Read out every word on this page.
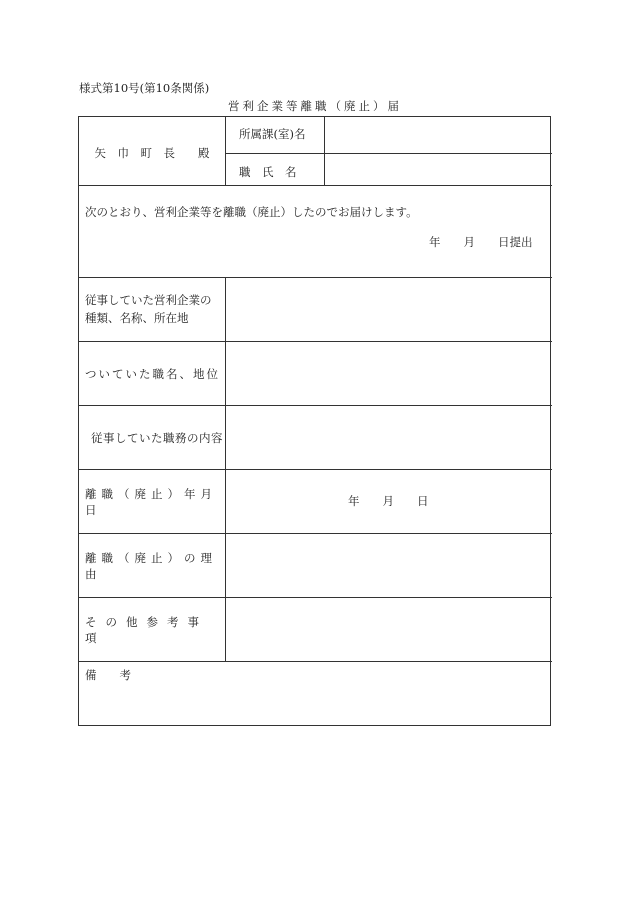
様式第10号(第10条関係)
営利企業等離職（廃止）届
矢　巾　町　長　　殿
所属課(室)名
職　氏　名
次のとおり、営利企業等を離職（廃止）したのでお届けします。
年　　月　　日提出
従事していた営利企業の
種類、名称、所在地
ついていた職名、地位
従事していた職務の内容
離職（廃止）年月日
年　　月　　日
離職（廃止）の理由
その他参考事項
備　　考
